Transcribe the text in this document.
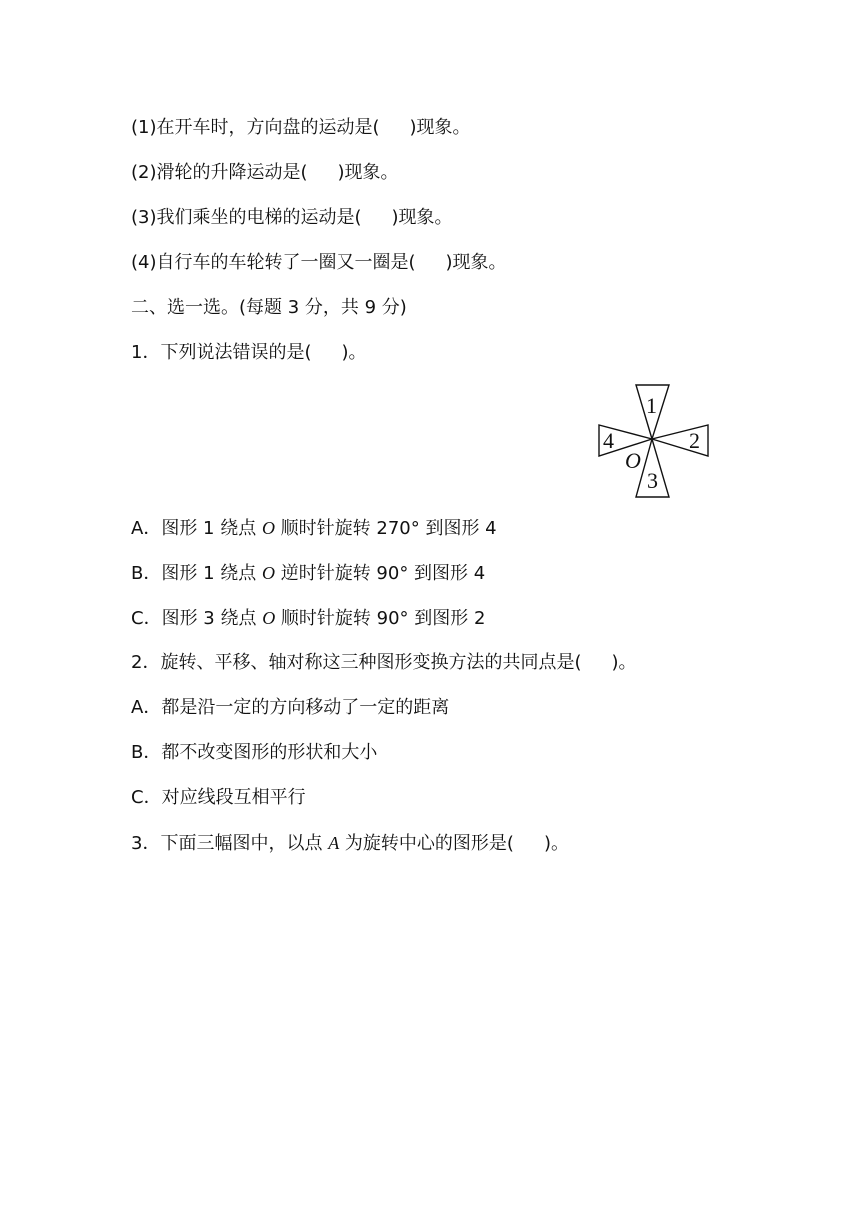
(1)在开车时，方向盘的运动是( )现象。
(2)滑轮的升降运动是( )现象。
(3)我们乘坐的电梯的运动是( )现象。
(4)自行车的车轮转了一圈又一圈是( )现象。
二、选一选。(每题 3 分，共 9 分)
1．下列说法错误的是( )。
1
2
3
4
O
A．图形 1 绕点 O 顺时针旋转 270° 到图形 4
B．图形 1 绕点 O 逆时针旋转 90° 到图形 4
C．图形 3 绕点 O 顺时针旋转 90° 到图形 2
2．旋转、平移、轴对称这三种图形变换方法的共同点是( )。
A．都是沿一定的方向移动了一定的距离
B．都不改变图形的形状和大小
C．对应线段互相平行
3．下面三幅图中，以点 A 为旋转中心的图形是( )。
